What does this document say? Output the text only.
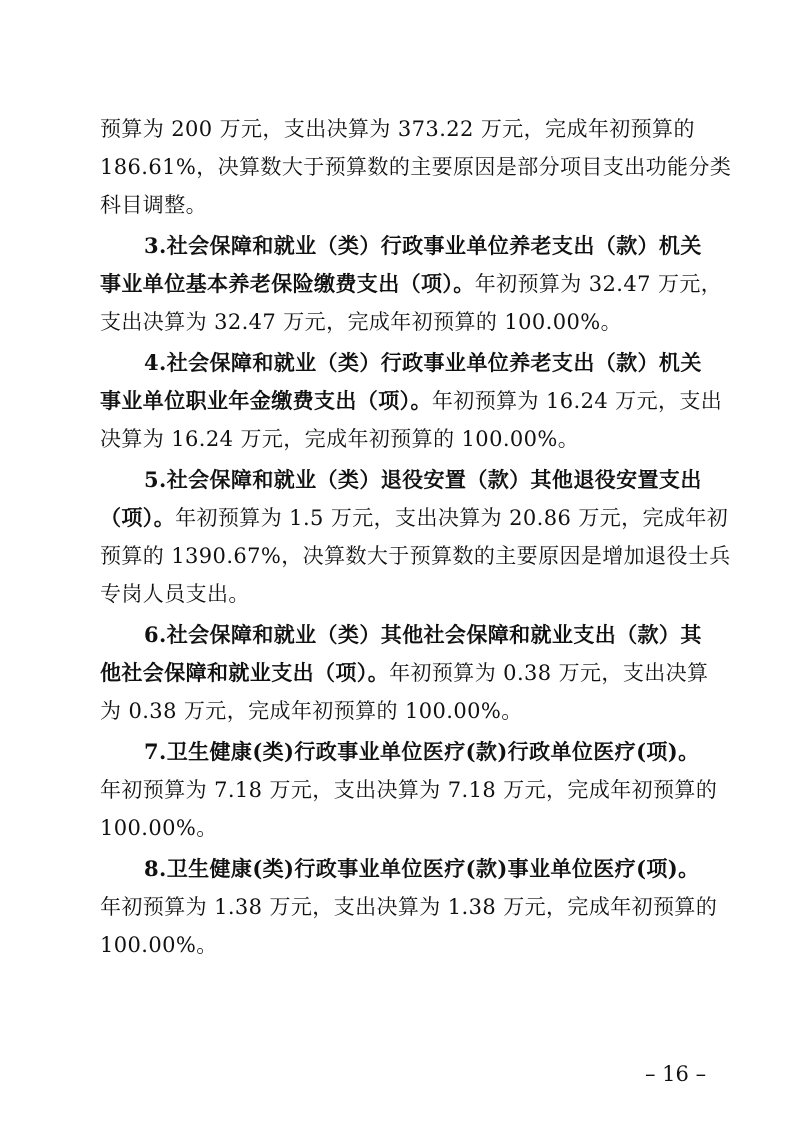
预算为 200 万元，支出决算为 373.22 万元，完成年初预算的
186.61%，决算数大于预算数的主要原因是部分项目支出功能分类
科目调整。
3.社会保障和就业（类）行政事业单位养老支出（款）机关
事业单位基本养老保险缴费支出（项）。年初预算为 32.47 万元，
支出决算为 32.47 万元，完成年初预算的 100.00%。
4.社会保障和就业（类）行政事业单位养老支出（款）机关
事业单位职业年金缴费支出（项）。年初预算为 16.24 万元，支出
决算为 16.24 万元，完成年初预算的 100.00%。
5.社会保障和就业（类）退役安置（款）其他退役安置支出
（项）。年初预算为 1.5 万元，支出决算为 20.86 万元，完成年初
预算的 1390.67%，决算数大于预算数的主要原因是增加退役士兵
专岗人员支出。
6.社会保障和就业（类）其他社会保障和就业支出（款）其
他社会保障和就业支出（项）。年初预算为 0.38 万元，支出决算
为 0.38 万元，完成年初预算的 100.00%。
7.卫生健康(类)行政事业单位医疗(款)行政单位医疗(项)。
年初预算为 7.18 万元，支出决算为 7.18 万元，完成年初预算的
100.00%。
8.卫生健康(类)行政事业单位医疗(款)事业单位医疗(项)。
年初预算为 1.38 万元，支出决算为 1.38 万元，完成年初预算的
100.00%。
– 16 –
